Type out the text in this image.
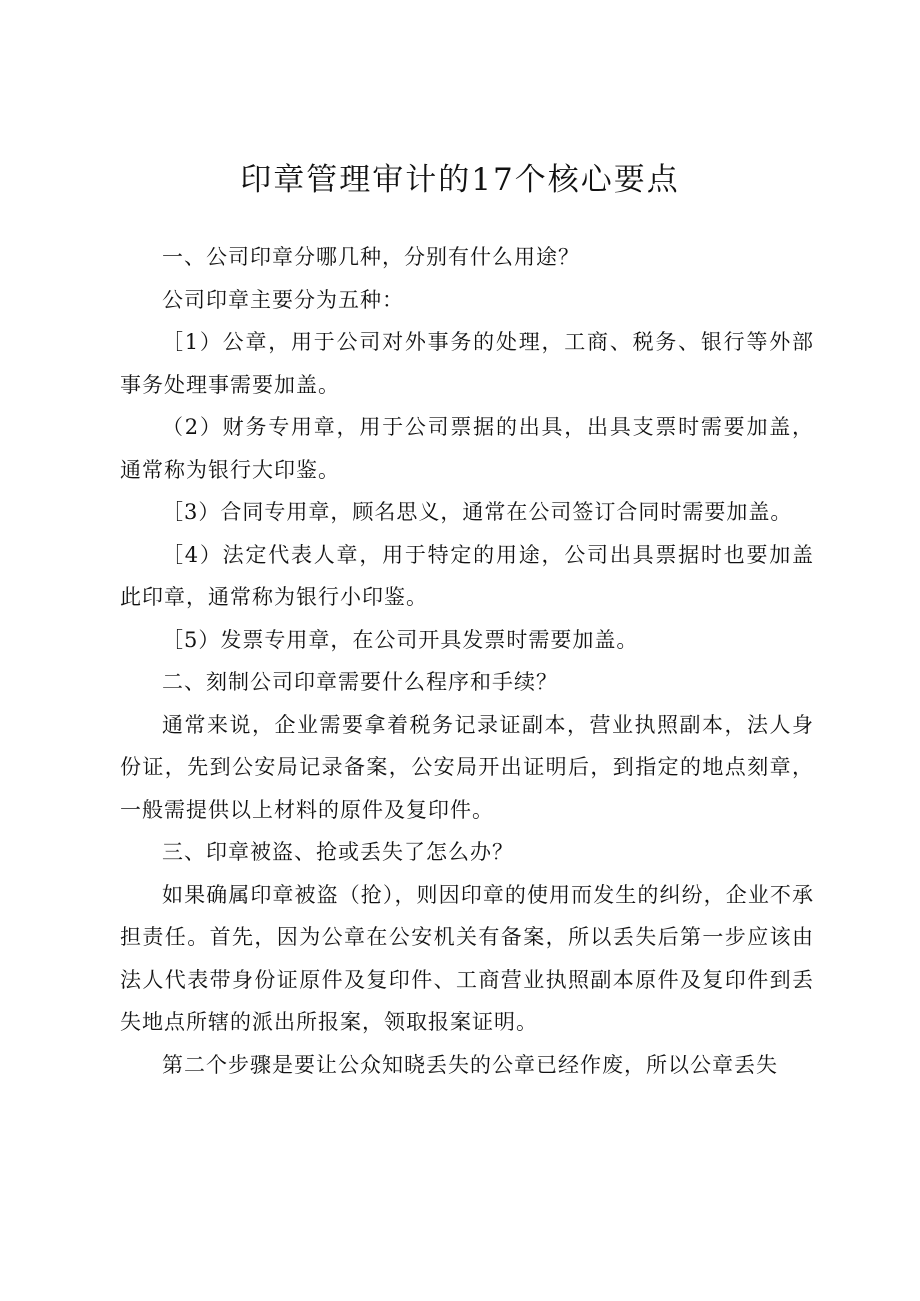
印章管理审计的17个核心要点

一、公司印章分哪几种，分别有什么用途？

公司印章主要分为五种：

［1）公章，用于公司对外事务的处理，工商、税务、银行等外部事务处理事需要加盖。

（2）财务专用章，用于公司票据的出具，出具支票时需要加盖，通常称为银行大印鉴。

［3）合同专用章，顾名思义，通常在公司签订合同时需要加盖。

［4）法定代表人章，用于特定的用途，公司出具票据时也要加盖此印章，通常称为银行小印鉴。

［5）发票专用章，在公司开具发票时需要加盖。

二、刻制公司印章需要什么程序和手续？

通常来说，企业需要拿着税务记录证副本，营业执照副本，法人身份证，先到公安局记录备案，公安局开出证明后，到指定的地点刻章，一般需提供以上材料的原件及复印件。

三、印章被盗、抢或丢失了怎么办？

如果确属印章被盗（抢），则因印章的使用而发生的纠纷，企业不承担责任。首先，因为公章在公安机关有备案，所以丢失后第一步应该由法人代表带身份证原件及复印件、工商营业执照副本原件及复印件到丢失地点所辖的派出所报案，领取报案证明。

第二个步骤是要让公众知晓丢失的公章已经作废，所以公章丢失
